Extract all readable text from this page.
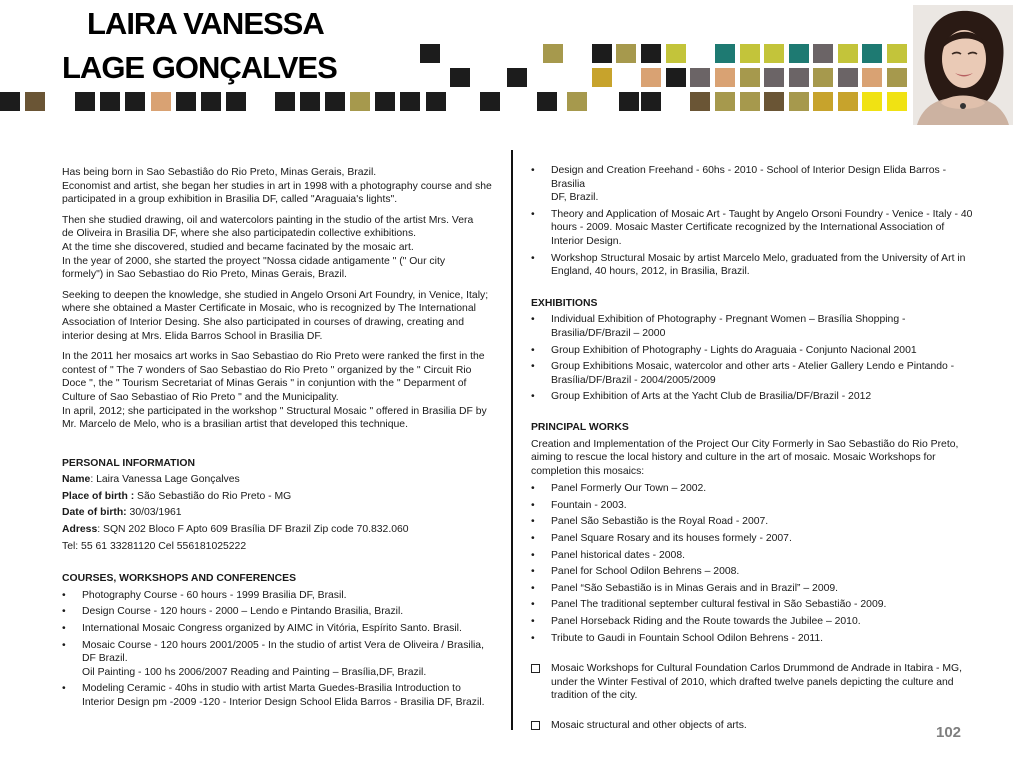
LAIRA VANESSA
LAGE GONÇALVES

Has being born in Sao Sebastiâo do Rio Preto, Minas Gerais, Brazil.
Economist and artist, she began her studies in art in 1998 with a photography course and she
participated in a group exhibition in Brasilia DF, called "Araguaia's lights".

Then she studied drawing, oil and watercolors painting in the studio of the artist Mrs. Vera
de Oliveira in Brasilia DF, where she also participatedin collective exhibitions.
At the time she discovered, studied and became facinated by the mosaic art.
In the year of 2000, she started the proyect "Nossa cidade antigamente " (" Our city
formely") in Sao Sebastiao do Rio Preto, Minas Gerais, Brazil.

Seeking to deepen the knowledge, she studied in Angelo Orsoni Art Foundry, in Venice, Italy;
where she obtained a Master Certificate in Mosaic, who is recognized by The International
Association of Interior Desing. She also participated in courses of drawing, creating and
interior desing at Mrs. Elida Barros School in Brasilia DF.

In the 2011 her mosaics art works in Sao Sebastiao do Rio Preto were ranked the first in the
contest of " The 7 wonders of Sao Sebastiao do Rio Preto " organized by the " Circuit Rio
Doce ", the " Tourism Secretariat of Minas Gerais " in conjuntion with the " Deparment of
Culture of Sao Sebastiao of Rio Preto " and the Municipality.
In april, 2012; she participated in the workshop " Structural Mosaic " offered in Brasilia DF by
Mr. Marcelo de Melo, who is a brasilian artist that developed this technique.

PERSONAL INFORMATION
Name: Laira Vanessa Lage Gonçalves
Place of birth : São Sebastião do Rio Preto - MG
Date of birth: 30/03/1961
Adress: SQN 202 Bloco F Apto 609 Brasília DF Brazil Zip code 70.832.060
Tel: 55 61 33281120 Cel 556181025222
COURSES, WORKSHOPS AND CONFERENCES
• Photography Course - 60 hours - 1999 Brasilia DF, Brasil.
• Design Course - 120 hours - 2000 – Lendo e Pintando Brasilia, Brazil.
• International Mosaic Congress organized by AIMC in Vitória, Espírito Santo. Brasil.
• Mosaic Course - 120 hours 2001/2005 - In the studio of artist Vera de Oliveira / Brasilia,
DF Brazil.
Oil Painting - 100 hs 2006/2007 Reading and Painting – Brasília,DF, Brazil.
• Modeling Ceramic - 40hs in studio with artist Marta Guedes-Brasilia Introduction to
Interior Design pm -2009 -120 - Interior Design School Elida Barros - Brasilia DF, Brazil.
• Design and Creation Freehand - 60hs - 2010 - School of Interior Design Elida Barros - Brasilia
DF, Brazil.
• Theory and Application of Mosaic Art - Taught by Angelo Orsoni Foundry - Venice - Italy - 40
hours - 2009. Mosaic Master Certificate recognized by the International Association of
Interior Design.
• Workshop Structural Mosaic by artist Marcelo Melo, graduated from the University of Art in
England, 40 hours, 2012, in Brasilia, Brazil.
EXHIBITIONS
• Individual Exhibition of Photography - Pregnant Women – Brasília Shopping -
Brasilia/DF/Brazil – 2000
• Group Exhibition of Photography - Lights do Araguaia - Conjunto Nacional 2001
• Group Exhibitions Mosaic, watercolor and other arts - Atelier Gallery Lendo e Pintando -
Brasília/DF/Brazil - 2004/2005/2009
• Group Exhibition of Arts at the Yacht Club de Brasilia/DF/Brazil - 2012
PRINCIPAL WORKS

Creation and Implementation of the Project Our City Formerly in Sao Sebastião do Rio Preto,
aiming to rescue the local history and culture in the art of mosaic. Mosaic Workshops for
completion this mosaics:

• Panel Formerly Our Town – 2002.
• Fountain - 2003.
• Panel São Sebastião is the Royal Road - 2007.
• Panel Square Rosary and its houses formely - 2007.
• Panel historical dates - 2008.
• Panel for School Odilon Behrens – 2008.
• Panel “São Sebastião is in Minas Gerais and in Brazil” – 2009.
• Panel The traditional september cultural festival in São Sebastião - 2009.
• Panel Horseback Riding and the Route towards the Jubilee – 2010.
• Tribute to Gaudi in Fountain School Odilon Behrens - 2011.
Mosaic Workshops for Cultural Foundation Carlos Drummond de Andrade in Itabira - MG,
under the Winter Festival of 2010, which drafted twelve panels depicting the culture and
tradition of the city.
Mosaic structural and other objects of arts.	102
